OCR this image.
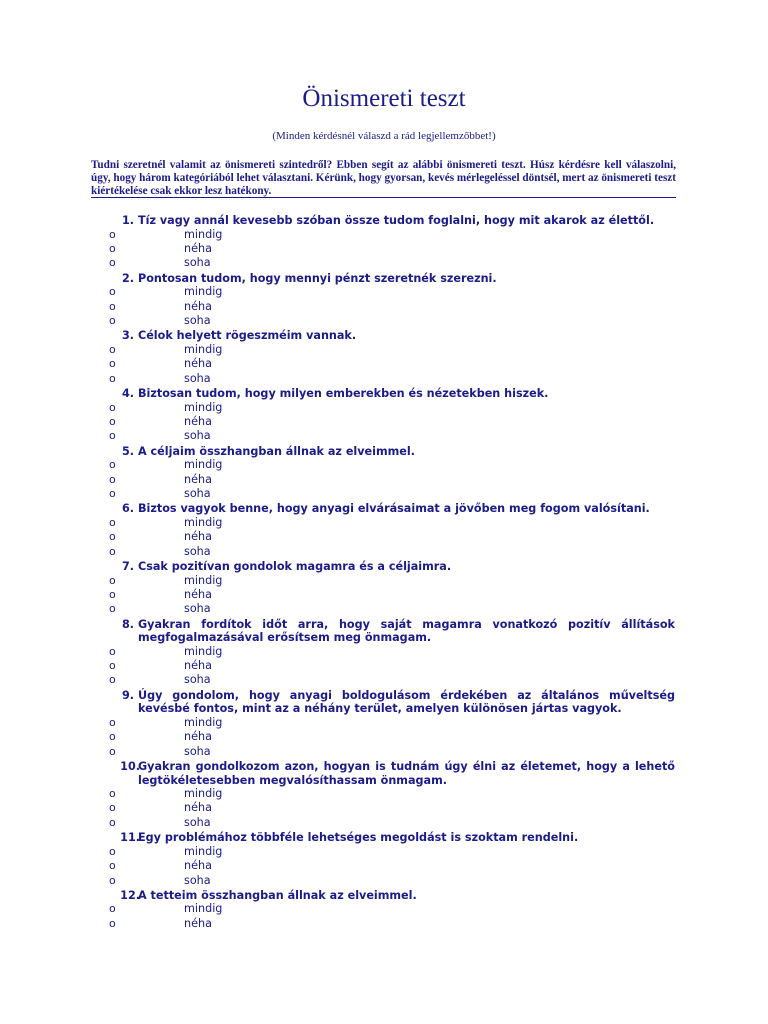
Önismereti teszt
(Minden kérdésnél válaszd a rád legjellemzőbbet!)
Tudni szeretnél valamit az önismereti szintedről? Ebben segít az alábbi önismereti teszt. Húsz kérdésre kell válaszolni, úgy, hogy három kategóriából lehet választani. Kérünk, hogy gyorsan, kevés mérlegeléssel döntsél, mert az önismereti teszt kiértékelése csak ekkor lesz hatékony.
1. Tíz vagy annál kevesebb szóban össze tudom foglalni, hogy mit akarok az élettől.
o	mindig
o	néha
o	soha
2. Pontosan tudom, hogy mennyi pénzt szeretnék szerezni.
o	mindig
o	néha
o	soha
3. Célok helyett rögeszméim vannak.
o	mindig
o	néha
o	soha
4. Biztosan tudom, hogy milyen emberekben és nézetekben hiszek.
o	mindig
o	néha
o	soha
5. A céljaim összhangban állnak az elveimmel.
o	mindig
o	néha
o	soha
6. Biztos vagyok benne, hogy anyagi elvárásaimat a jövőben meg fogom valósítani.
o	mindig
o	néha
o	soha
7. Csak pozitívan gondolok magamra és a céljaimra.
o	mindig
o	néha
o	soha
8. Gyakran fordítok időt arra, hogy saját magamra vonatkozó pozitív állítások megfogalmazásával erősítsem meg önmagam.
o	mindig
o	néha
o	soha
9. Úgy gondolom, hogy anyagi boldogulásom érdekében az általános műveltség kevésbé fontos, mint az a néhány terület, amelyen különösen jártas vagyok.
o	mindig
o	néha
o	soha
10.
Gyakran gondolkozom azon, hogyan is tudnám úgy élni az életemet, hogy a lehető legtökéletesebben megvalósíthassam önmagam.
o	mindig
o	néha
o	soha
11.
Egy problémához többféle lehetséges megoldást is szoktam rendelni.
o	mindig
o	néha
o	soha
12.
A tetteim összhangban állnak az elveimmel.
o	mindig
o	néha
